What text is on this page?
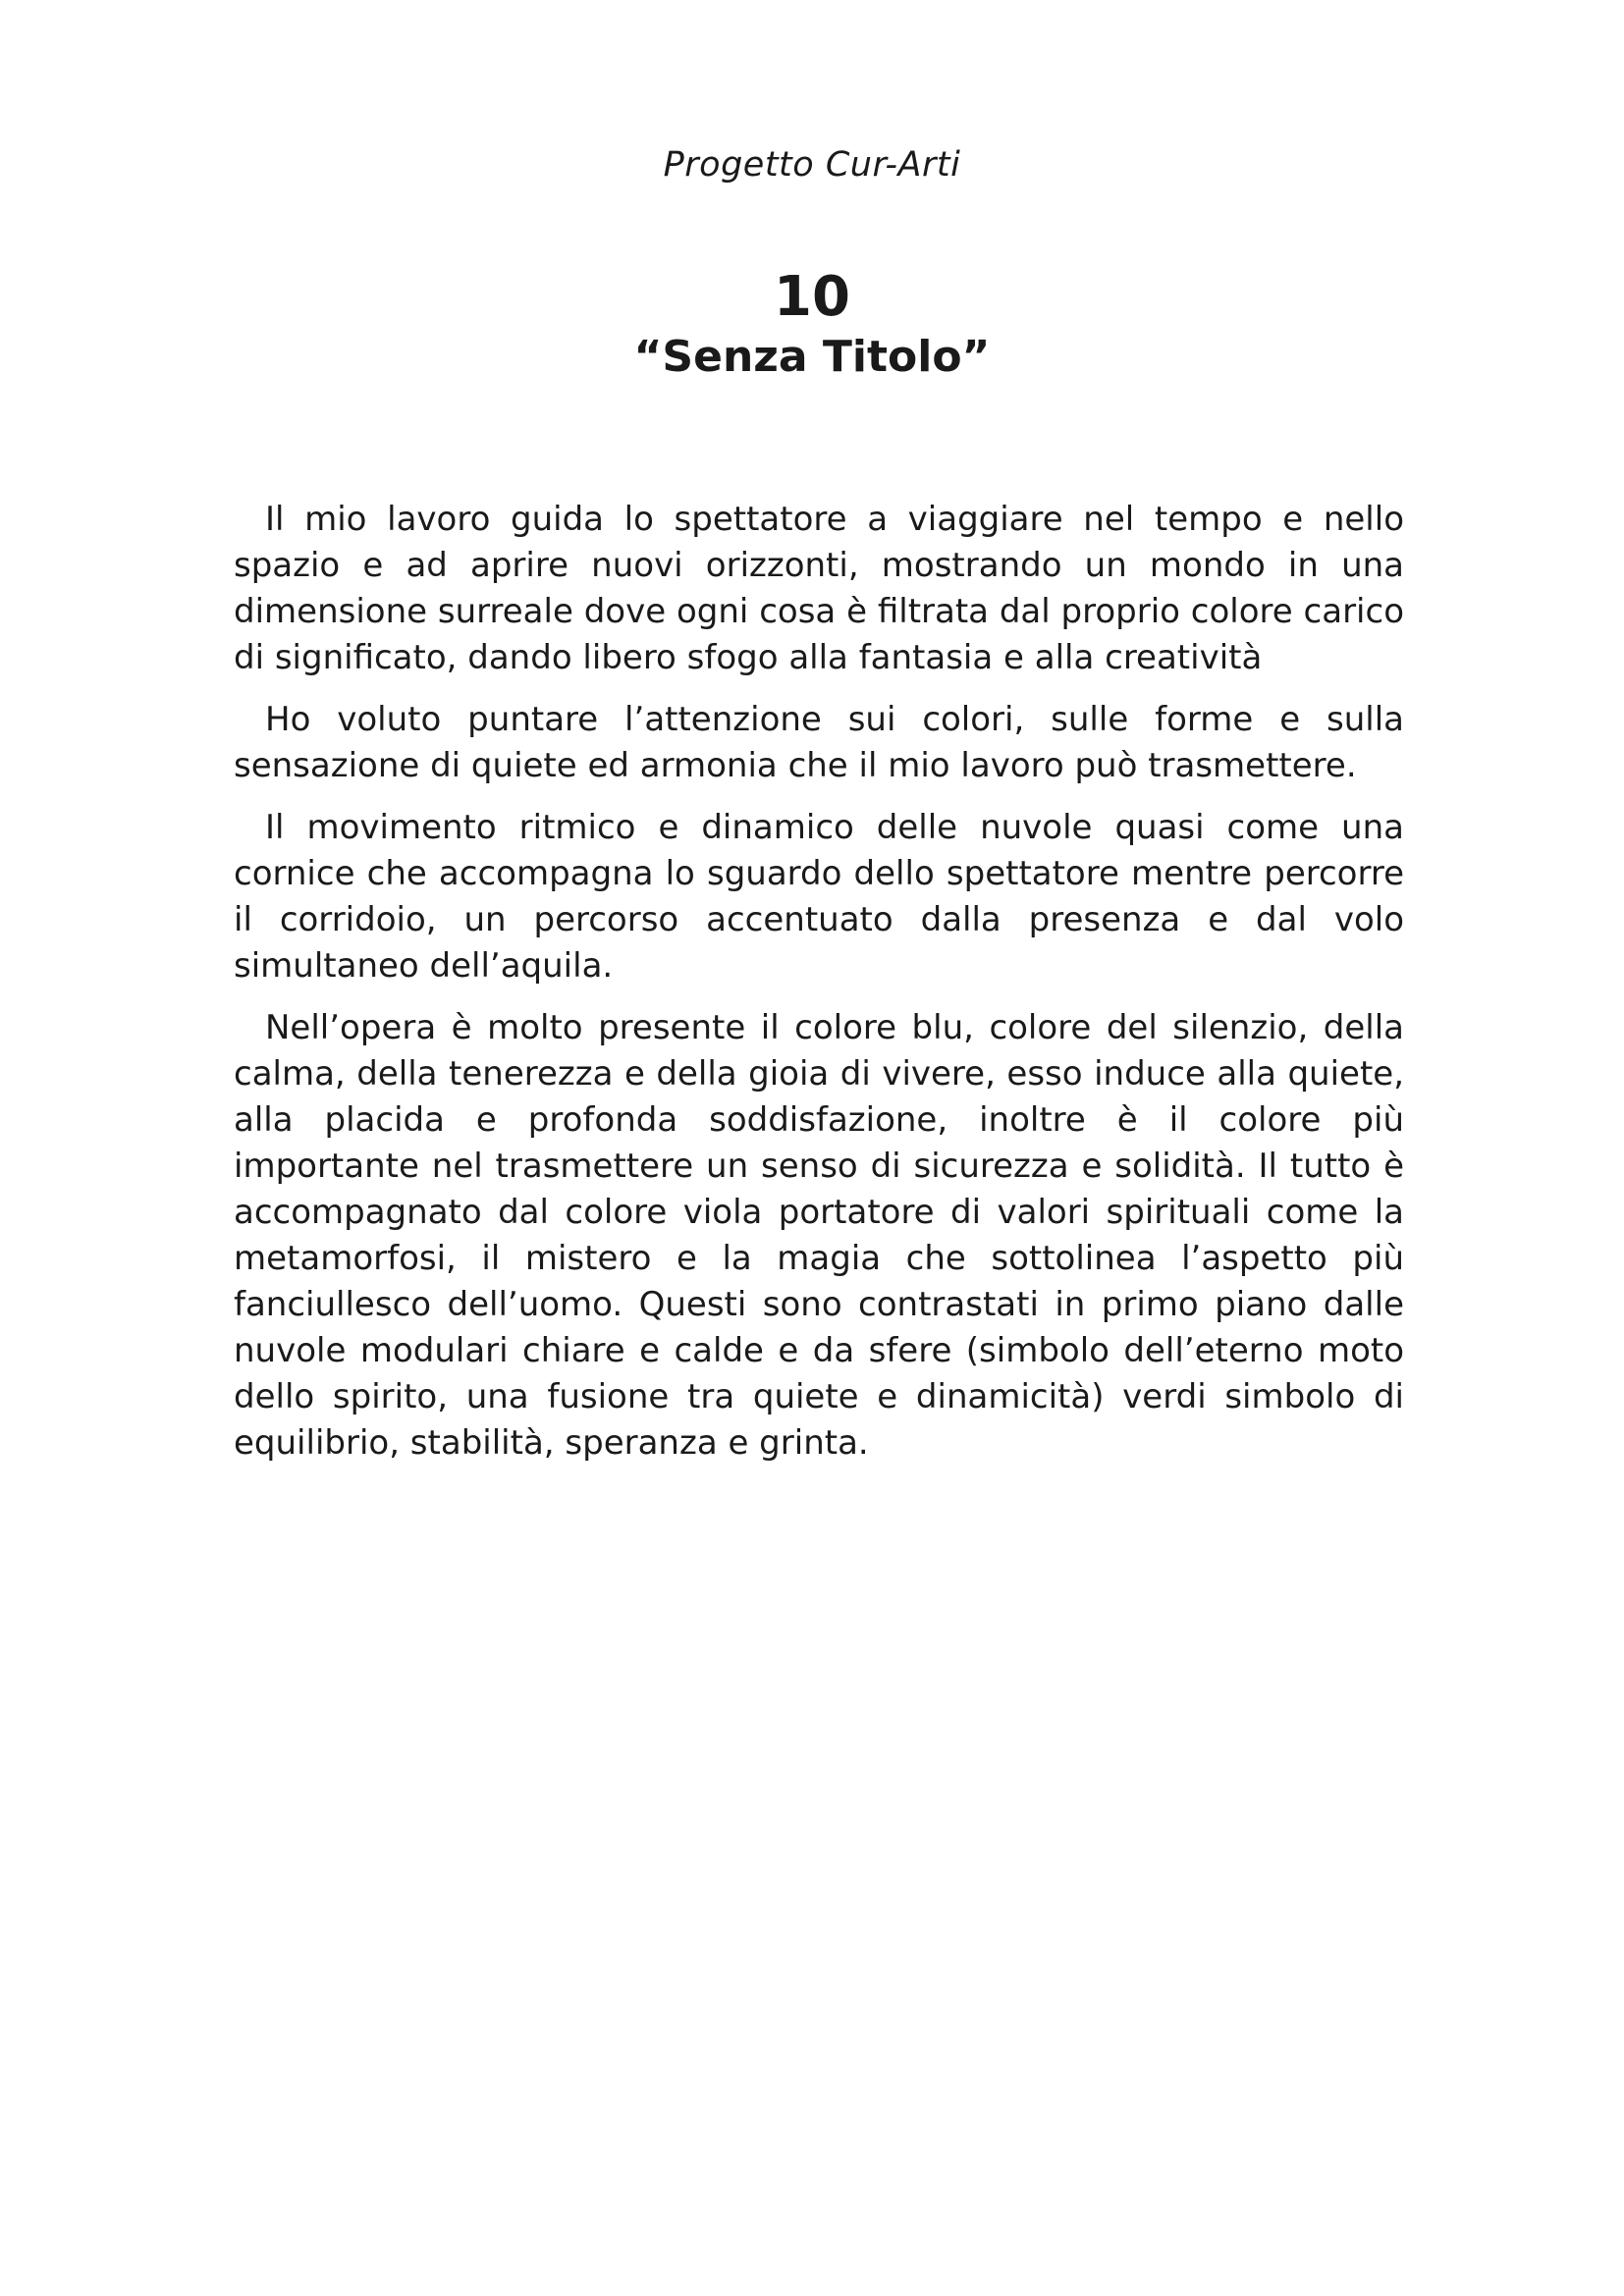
Progetto Cur-Arti
10
“Senza Titolo”

Il mio lavoro guida lo spettatore a viaggiare nel tempo e nello spazio e ad aprire nuovi orizzonti, mostrando un mondo in una dimensione surreale dove ogni cosa è filtrata dal proprio colore carico di significato, dando libero sfogo alla fantasia e alla creatività

Ho voluto puntare l’attenzione sui colori, sulle forme e sulla sensazione di quiete ed armonia che il mio lavoro può trasmettere.

Il movimento ritmico e dinamico delle nuvole quasi come una cornice che accompagna lo sguardo dello spettatore mentre percorre il corridoio, un percorso accentuato dalla presenza e dal volo simultaneo dell’aquila.

Nell’opera è molto presente il colore blu, colore del silenzio, della calma, della tenerezza e della gioia di vivere, esso induce alla quiete, alla placida e profonda soddisfazione, inoltre è il colore più importante nel trasmettere un senso di sicurezza e solidità. Il tutto è accompagnato dal colore viola portatore di valori spirituali come la metamorfosi, il mistero e la magia che sottolinea l’aspetto più fanciullesco dell’uomo. Questi sono contrastati in primo piano dalle nuvole modulari chiare e calde e da sfere (simbolo dell’eterno moto dello spirito, una fusione tra quiete e dinamicità) verdi simbolo di equilibrio, stabilità, speranza e grinta.
